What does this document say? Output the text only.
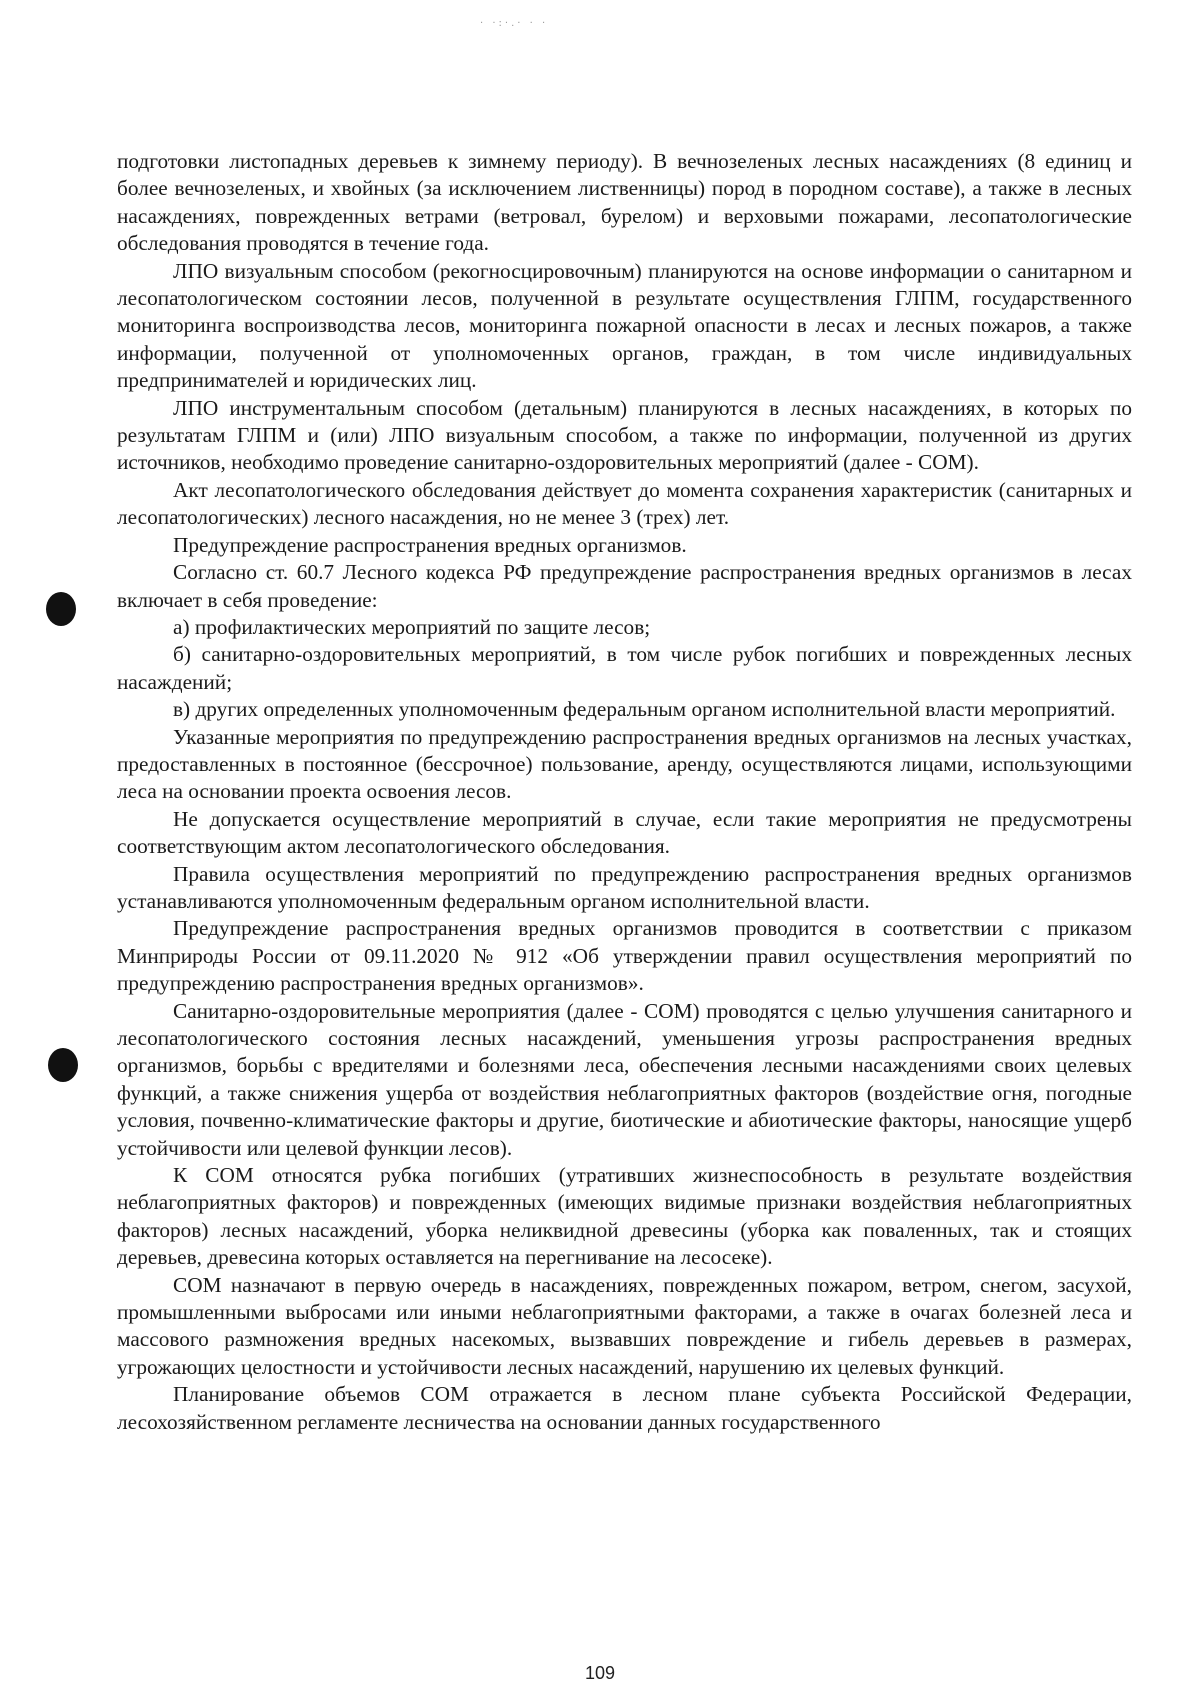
· ·:·.· · ·

подготовки листопадных деревьев к зимнему периоду). В вечнозеленых лесных насаждениях (8 единиц и более вечнозеленых, и хвойных (за исключением лиственницы) пород в породном составе), а также в лесных насаждениях, поврежденных ветрами (ветровал, бурелом) и верховыми пожарами, лесопатологические обследования проводятся в течение года.

ЛПО визуальным способом (рекогносцировочным) планируются на основе информации о санитарном и лесопатологическом состоянии лесов, полученной в результате осуществления ГЛПМ, государственного мониторинга воспроизводства лесов, мониторинга пожарной опасности в лесах и лесных пожаров, а также информации, полученной от уполномоченных органов, граждан, в том числе индивидуальных предпринимателей и юридических лиц.

ЛПО инструментальным способом (детальным) планируются в лесных насаждениях, в которых по результатам ГЛПМ и (или) ЛПО визуальным способом, а также по информации, полученной из других источников, необходимо проведение санитарно-оздоровительных мероприятий (далее - СОМ).

Акт лесопатологического обследования действует до момента сохранения характеристик (санитарных и лесопатологических) лесного насаждения, но не менее 3 (трех) лет.

Предупреждение распространения вредных организмов.

Согласно ст. 60.7 Лесного кодекса РФ предупреждение распространения вредных организмов в лесах включает в себя проведение:

а) профилактических мероприятий по защите лесов;

б) санитарно-оздоровительных мероприятий, в том числе рубок погибших и поврежденных лесных насаждений;

в) других определенных уполномоченным федеральным органом исполнительной власти мероприятий.

Указанные мероприятия по предупреждению распространения вредных организмов на лесных участках, предоставленных в постоянное (бессрочное) пользование, аренду, осуществляются лицами, использующими леса на основании проекта освоения лесов.

Не допускается осуществление мероприятий в случае, если такие мероприятия не предусмотрены соответствующим актом лесопатологического обследования.

Правила осуществления мероприятий по предупреждению распространения вредных организмов устанавливаются уполномоченным федеральным органом исполнительной власти.

Предупреждение распространения вредных организмов проводится в соответствии с приказом Минприроды России от 09.11.2020 № 912 «Об утверждении правил осуществления мероприятий по предупреждению распространения вредных организмов».

Санитарно-оздоровительные мероприятия (далее - СОМ) проводятся с целью улучшения санитарного и лесопатологического состояния лесных насаждений, уменьшения угрозы распространения вредных организмов, борьбы с вредителями и болезнями леса, обеспечения лесными насаждениями своих целевых функций, а также снижения ущерба от воздействия неблагоприятных факторов (воздействие огня, погодные условия, почвенно-климатические факторы и другие, биотические и абиотические факторы, наносящие ущерб устойчивости или целевой функции лесов).

К СОМ относятся рубка погибших (утративших жизнеспособность в результате воздействия неблагоприятных факторов) и поврежденных (имеющих видимые признаки воздействия неблагоприятных факторов) лесных насаждений, уборка неликвидной древесины (уборка как поваленных, так и стоящих деревьев, древесина которых оставляется на перегнивание на лесосеке).

СОМ назначают в первую очередь в насаждениях, поврежденных пожаром, ветром, снегом, засухой, промышленными выбросами или иными неблагоприятными факторами, а также в очагах болезней леса и массового размножения вредных насекомых, вызвавших повреждение и гибель деревьев в размерах, угрожающих целостности и устойчивости лесных насаждений, нарушению их целевых функций.

Планирование объемов СОМ отражается в лесном плане субъекта Российской Федерации, лесохозяйственном регламенте лесничества на основании данных государственного

109
